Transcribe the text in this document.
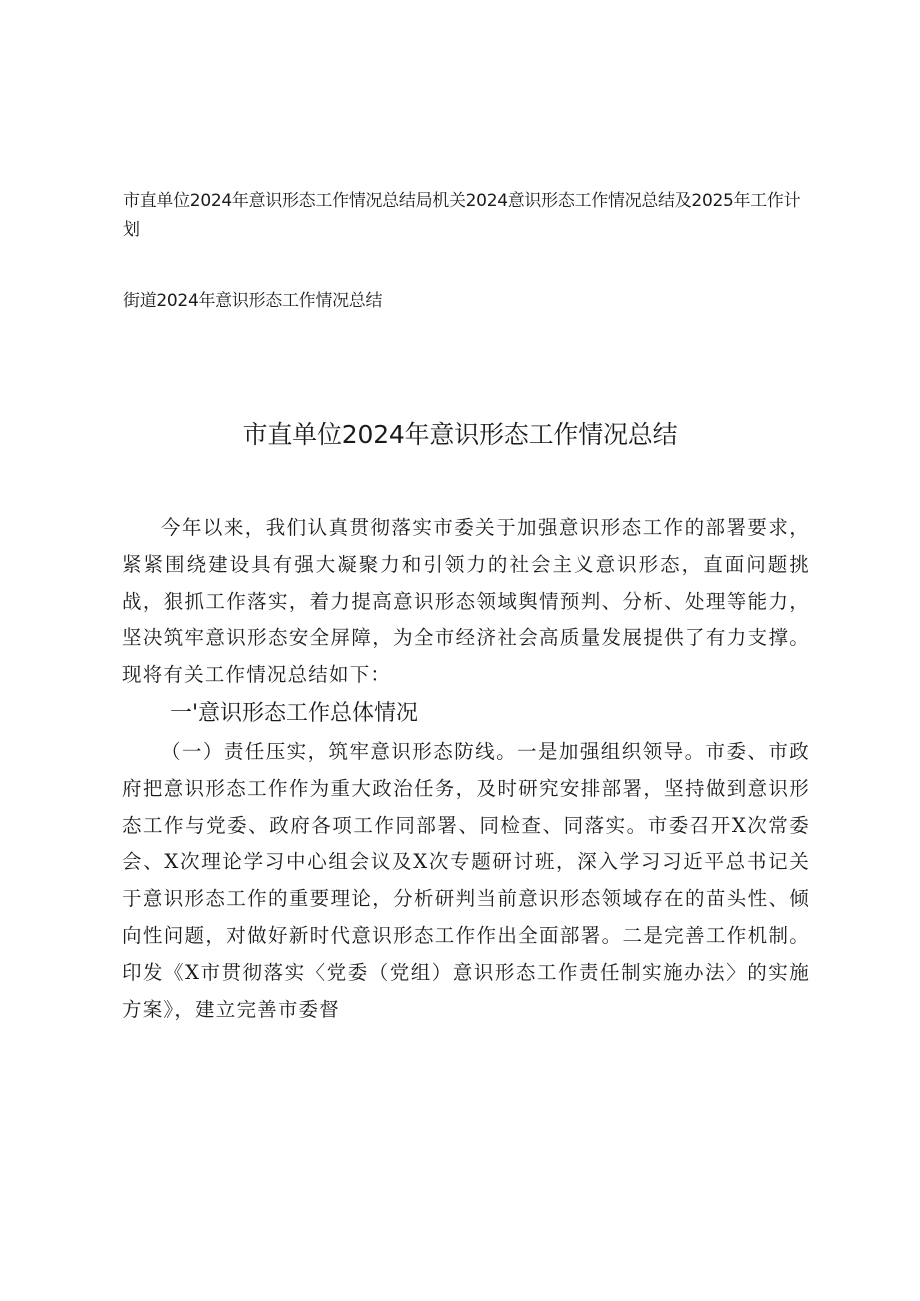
市直单位2024年意识形态工作情况总结局机关2024意识形态工作情况总结及2025年工作计划

街道2024年意识形态工作情况总结

市直单位2024年意识形态工作情况总结

今年以来，我们认真贯彻落实市委关于加强意识形态工作的部署要求，紧紧围绕建设具有强大凝聚力和引领力的社会主义意识形态，直面问题挑战，狠抓工作落实，着力提高意识形态领域舆情预判、分析、处理等能力，坚决筑牢意识形态安全屏障，为全市经济社会高质量发展提供了有力支撑。现将有关工作情况总结如下：

一'意识形态工作总体情况

（一）责任压实，筑牢意识形态防线。一是加强组织领导。市委、市政府把意识形态工作作为重大政治任务，及时研究安排部署，坚持做到意识形态工作与党委、政府各项工作同部署、同检查、同落实。市委召开X次常委会、X次理论学习中心组会议及X次专题研讨班，深入学习习近平总书记关于意识形态工作的重要理论，分析研判当前意识形态领域存在的苗头性、倾向性问题，对做好新时代意识形态工作作出全面部署。二是完善工作机制。印发《X市贯彻落实〈党委（党组）意识形态工作责任制实施办法〉的实施方案》，建立完善市委督
